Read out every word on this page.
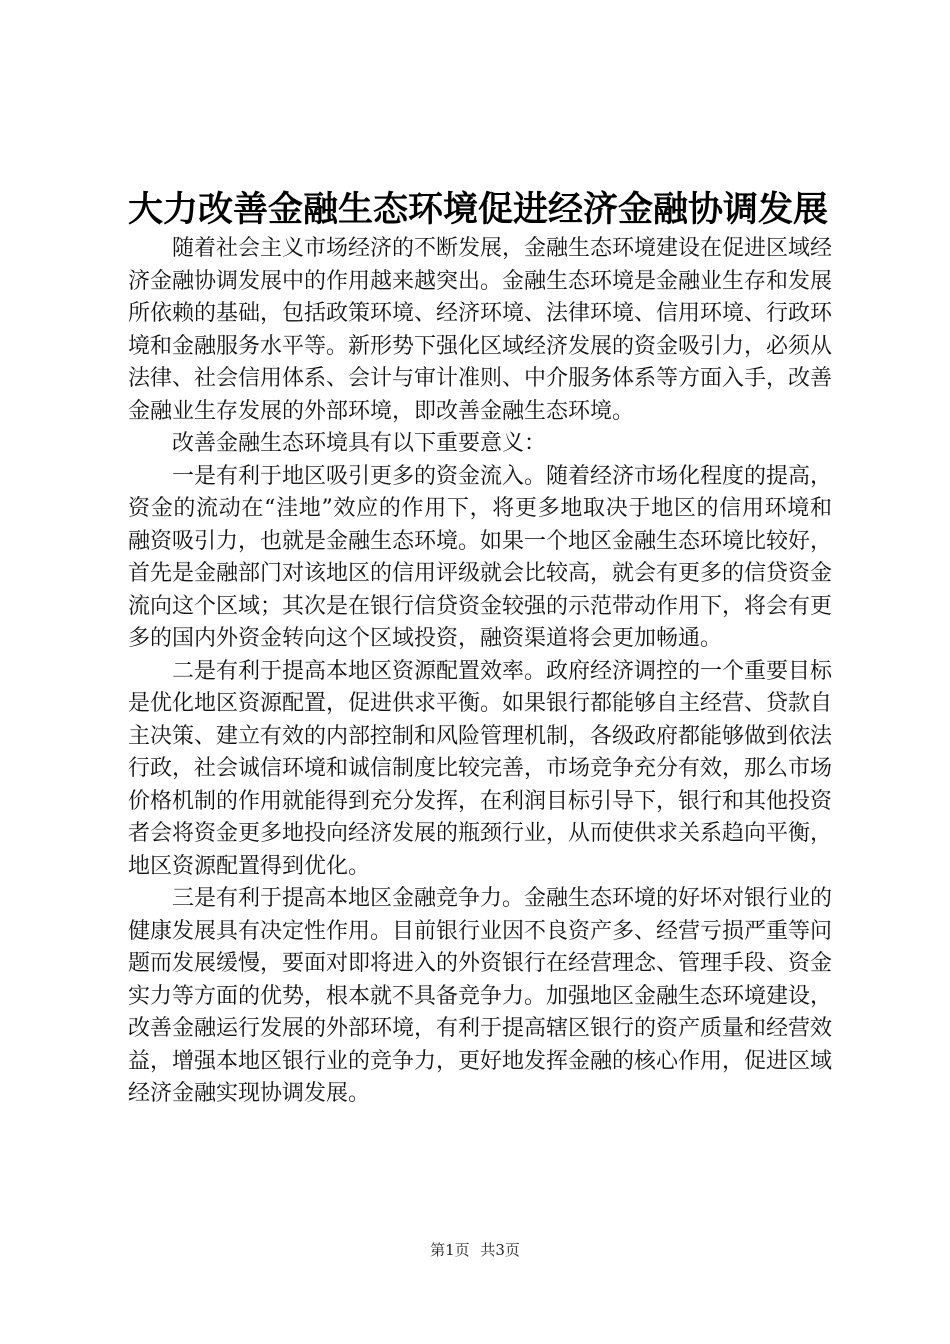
大力改善金融生态环境促进经济金融协调发展

随着社会主义市场经济的不断发展，金融生态环境建设在促进区域经济金融协调发展中的作用越来越突出。金融生态环境是金融业生存和发展所依赖的基础，包括政策环境、经济环境、法律环境、信用环境、行政环境和金融服务水平等。新形势下强化区域经济发展的资金吸引力，必须从法律、社会信用体系、会计与审计准则、中介服务体系等方面入手，改善金融业生存发展的外部环境，即改善金融生态环境。

改善金融生态环境具有以下重要意义：

一是有利于地区吸引更多的资金流入。随着经济市场化程度的提高，资金的流动在“洼地”效应的作用下，将更多地取决于地区的信用环境和融资吸引力，也就是金融生态环境。如果一个地区金融生态环境比较好，首先是金融部门对该地区的信用评级就会比较高，就会有更多的信贷资金流向这个区域；其次是在银行信贷资金较强的示范带动作用下，将会有更多的国内外资金转向这个区域投资，融资渠道将会更加畅通。

二是有利于提高本地区资源配置效率。政府经济调控的一个重要目标是优化地区资源配置，促进供求平衡。如果银行都能够自主经营、贷款自主决策、建立有效的内部控制和风险管理机制，各级政府都能够做到依法行政，社会诚信环境和诚信制度比较完善，市场竞争充分有效，那么市场价格机制的作用就能得到充分发挥，在利润目标引导下，银行和其他投资者会将资金更多地投向经济发展的瓶颈行业，从而使供求关系趋向平衡，地区资源配置得到优化。

三是有利于提高本地区金融竞争力。金融生态环境的好坏对银行业的健康发展具有决定性作用。目前银行业因不良资产多、经营亏损严重等问题而发展缓慢，要面对即将进入的外资银行在经营理念、管理手段、资金实力等方面的优势，根本就不具备竞争力。加强地区金融生态环境建设，改善金融运行发展的外部环境，有利于提高辖区银行的资产质量和经营效益，增强本地区银行业的竞争力，更好地发挥金融的核心作用，促进区域经济金融实现协调发展。

第1页 共3页
